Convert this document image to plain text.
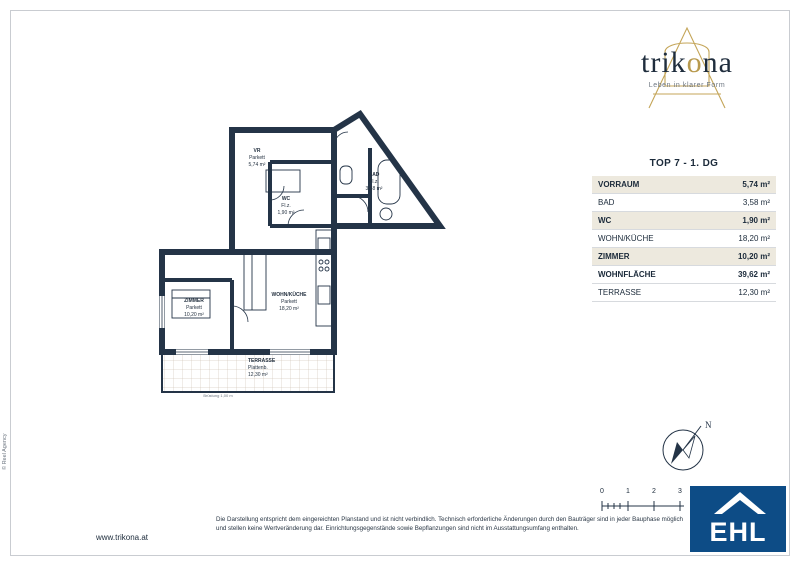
trikona
Leben in klarer Form
TOP 7 - 1. DG
VORRAUM	5,74 m²
BAD	3,58 m²
WC	1,90 m²
WOHN/KÜCHE	18,20 m²
ZIMMER	10,20 m²
WOHNFLÄCHE	39,62 m²
TERRASSE	12,30 m²
VR
Parkett
5,74 m²
BAD
Fl.z.
3,58 m²
WC
Fl.z.
1,90 m²
ZIMMER
Parkett
10,20 m²
WOHN/KÜCHE
Parkett
18,20 m²
TERRASSE
Plattenb.
12,30 m²
Brüstung 1,00 m
N
0	1	2	3
EHL
www.trikona.at
Die Darstellung entspricht dem eingereichten Planstand und ist nicht verbindlich. Technisch erforderliche Änderungen durch den Bauträger sind in jeder Bauphase möglich und stellen keine Wertveränderung dar. Einrichtungsgegenstände sowie Bepflanzungen sind nicht im Ausstattungsumfang enthalten.
© Reel Agency
